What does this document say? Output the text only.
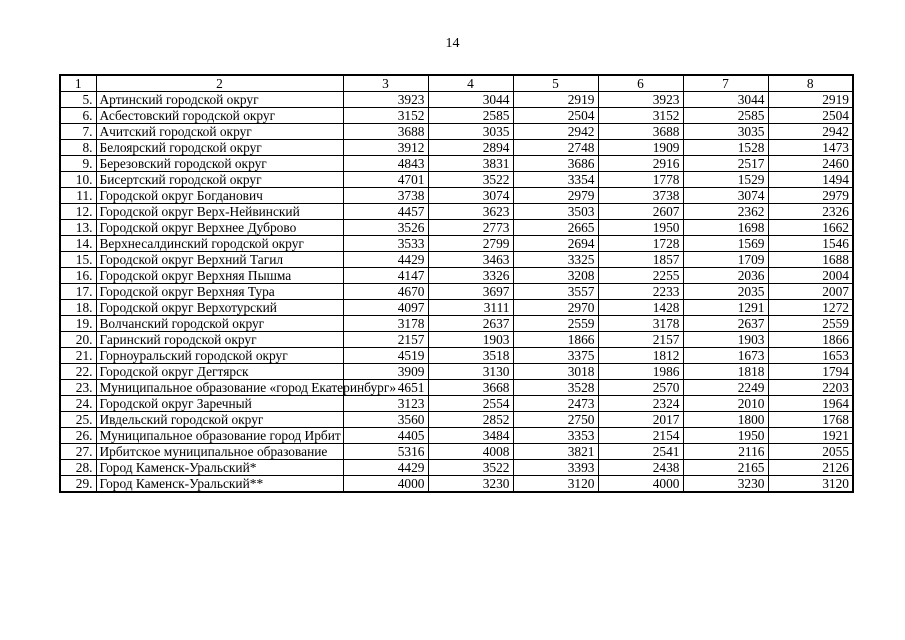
14
1	2	3	4	5	6	7	8
5.	Артинский городской округ	3923	3044	2919	3923	3044	2919
6.	Асбестовский городской округ	3152	2585	2504	3152	2585	2504
7.	Ачитский городской округ	3688	3035	2942	3688	3035	2942
8.	Белоярский городской округ	3912	2894	2748	1909	1528	1473
9.	Березовский городской округ	4843	3831	3686	2916	2517	2460
10.	Бисертский городской округ	4701	3522	3354	1778	1529	1494
11.	Городской округ Богданович	3738	3074	2979	3738	3074	2979
12.	Городской округ Верх-Нейвинский	4457	3623	3503	2607	2362	2326
13.	Городской округ Верхнее Дуброво	3526	2773	2665	1950	1698	1662
14.	Верхнесалдинский городской округ	3533	2799	2694	1728	1569	1546
15.	Городской округ Верхний Тагил	4429	3463	3325	1857	1709	1688
16.	Городской округ Верхняя Пышма	4147	3326	3208	2255	2036	2004
17.	Городской округ Верхняя Тура	4670	3697	3557	2233	2035	2007
18.	Городской округ Верхотурский	4097	3111	2970	1428	1291	1272
19.	Волчанский городской округ	3178	2637	2559	3178	2637	2559
20.	Гаринский городской округ	2157	1903	1866	2157	1903	1866
21.	Горноуральский городской округ	4519	3518	3375	1812	1673	1653
22.	Городской округ Дегтярск	3909	3130	3018	1986	1818	1794
23.	Муниципальное образование «город Екатеринбург»	4651	3668	3528	2570	2249	2203
24.	Городской округ Заречный	3123	2554	2473	2324	2010	1964
25.	Ивдельский городской округ	3560	2852	2750	2017	1800	1768
26.	Муниципальное образование город Ирбит	4405	3484	3353	2154	1950	1921
27.	Ирбитское муниципальное образование	5316	4008	3821	2541	2116	2055
28.	Город Каменск-Уральский*	4429	3522	3393	2438	2165	2126
29.	Город Каменск-Уральский**	4000	3230	3120	4000	3230	3120
